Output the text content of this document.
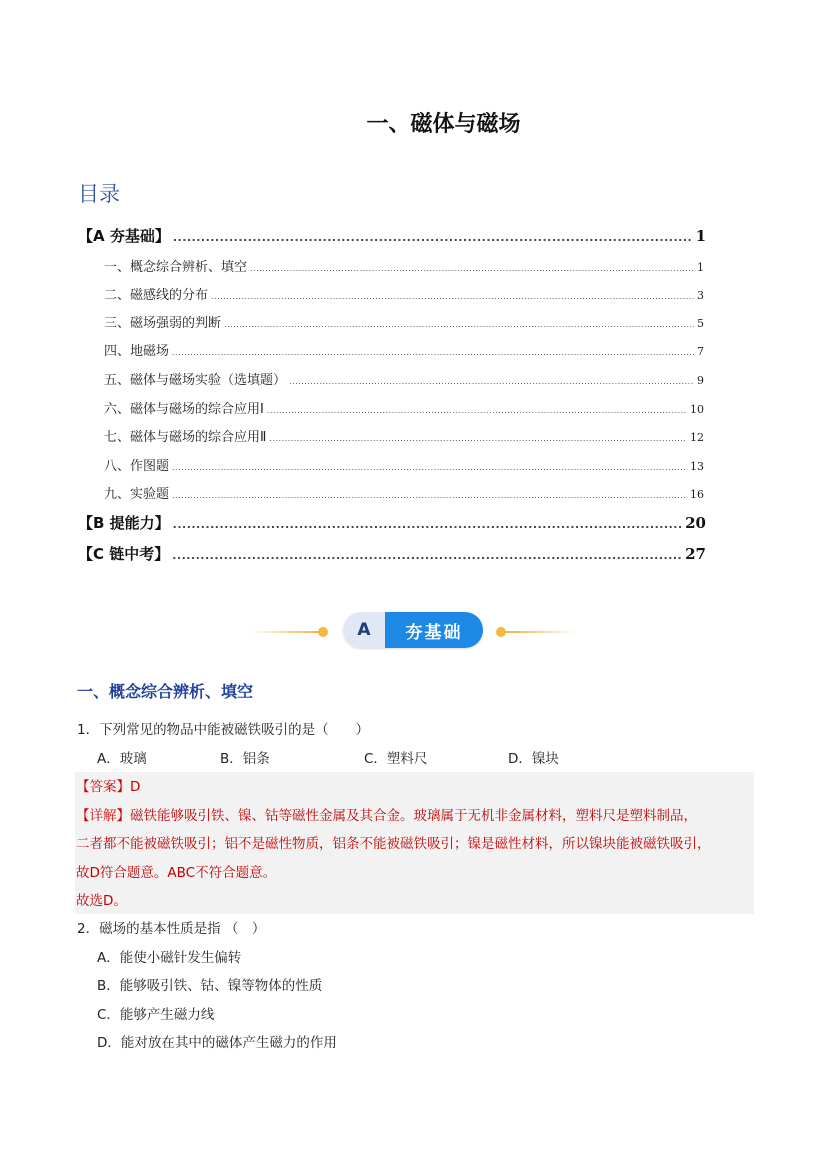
一、磁体与磁场
目录
【A 夯基础】 .....	1
一、概念综合辨析、填空 .....	1
二、磁感线的分布 .....	3
三、磁场强弱的判断 .....	5
四、地磁场 .....	7
五、磁体与磁场实验（选填题） .....	9
六、磁体与磁场的综合应用Ⅰ .....	10
七、磁体与磁场的综合应用Ⅱ .....	12
八、作图题 .....	13
九、实验题 .....	16
【B 提能力】 .....	20
【C 链中考】 .....	27
A	夯基础
一、概念综合辨析、填空
1．下列常见的物品中能被磁铁吸引的是（　　）
A．玻璃	B．铝条	C．塑料尺	D．镍块
【答案】D
【详解】磁铁能够吸引铁、镍、钴等磁性金属及其合金。玻璃属于无机非金属材料，塑料尺是塑料制品，
二者都不能被磁铁吸引；铝不是磁性物质，铝条不能被磁铁吸引；镍是磁性材料，所以镍块能被磁铁吸引，
故D符合题意。ABC不符合题意。
故选D。
2．磁场的基本性质是指 （　）
A．能使小磁针发生偏转
B．能够吸引铁、钴、镍等物体的性质
C．能够产生磁力线
D．能对放在其中的磁体产生磁力的作用
